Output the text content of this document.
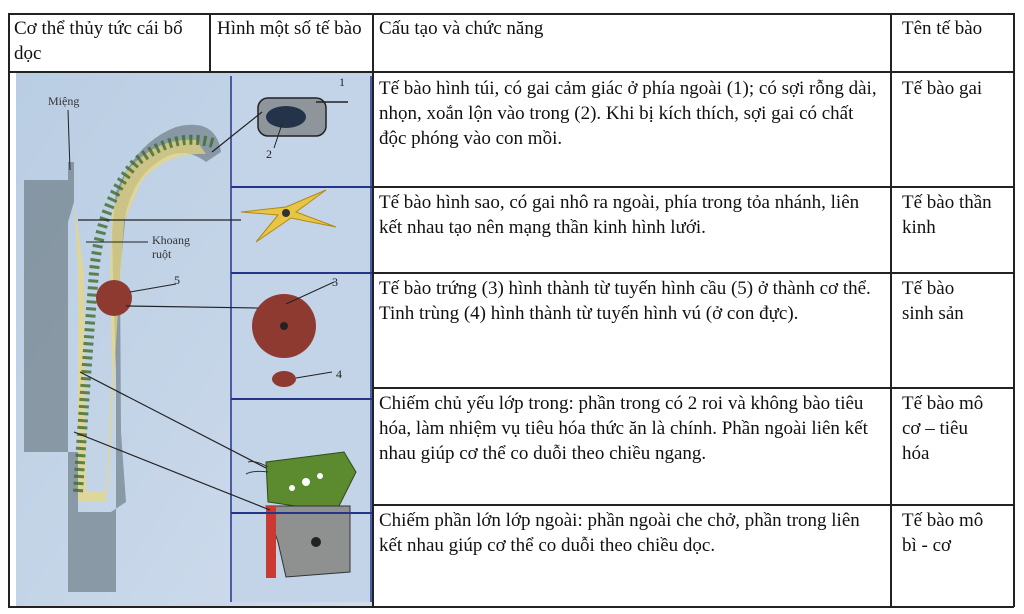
Cơ thể thủy tức cái bổ dọc
Hình một số tế bào Cấu tạo và chức năng	Tên tế bào
Miệng
Khoang
ruột
5
1
2
3
4
Tế bào hình túi, có gai cảm giác ở phía ngoài (1); có sợi rỗng dài, nhọn, xoắn lộn vào trong (2). Khi bị kích thích, sợi gai có chất độc phóng vào con mồi.
Tế bào gai
Tế bào hình sao, có gai nhô ra ngoài, phía trong tỏa nhánh, liên kết nhau tạo nên mạng thần kinh hình lưới.
Tế bào thần kinh
Tế bào trứng (3) hình thành từ tuyến hình cầu (5) ở thành cơ thể.
Tinh trùng (4) hình thành từ tuyến hình vú (ở con đực).
Tế bào sinh sản
Chiếm chủ yếu lớp trong: phần trong có 2 roi và không bào tiêu hóa, làm nhiệm vụ tiêu hóa thức ăn là chính. Phần ngoài liên kết nhau giúp cơ thể co duỗi theo chiều ngang.
Tế bào mô cơ – tiêu hóa
Chiếm phần lớn lớp ngoài: phần ngoài che chở, phần trong liên kết nhau giúp cơ thể co duỗi theo chiều dọc.
Tế bào mô bì - cơ
